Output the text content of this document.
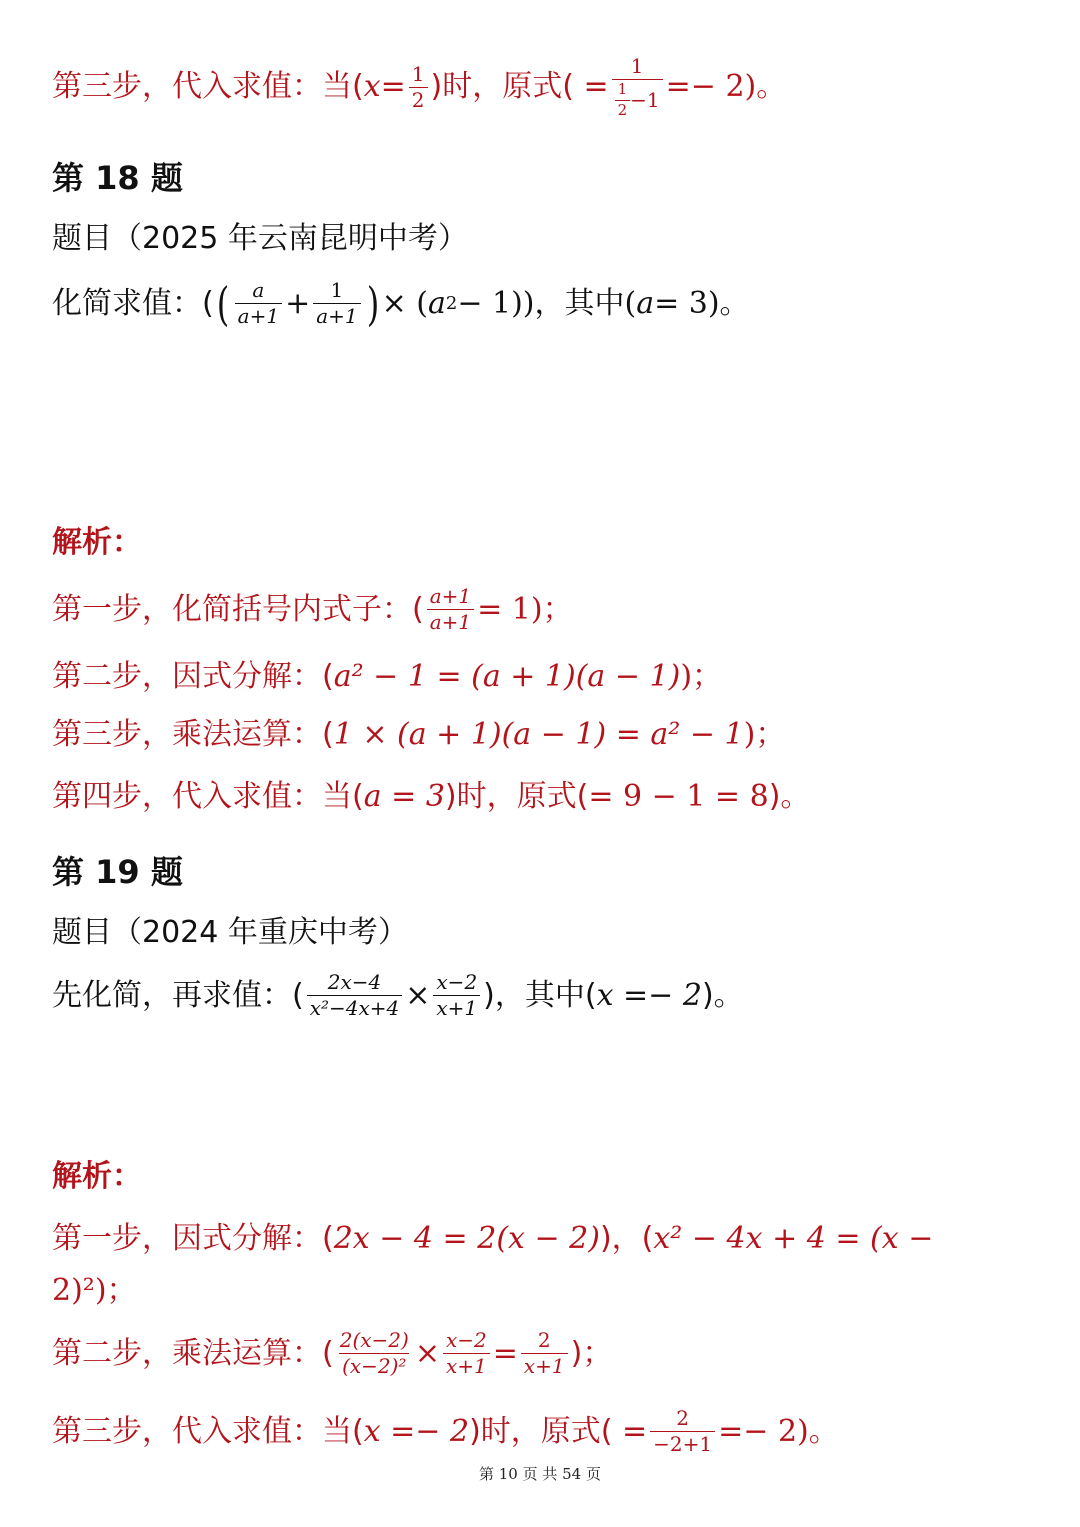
第三步，代入求值：当( $x = \frac{1}{2}$ )时，原式( = $\frac{1}{\frac{1}{2} -1} =- 2$)。
第 18 题
题目（2025 年云南昆明中考）
化简求值：( ( $\frac{a}{a+1} + \frac{1}{a+1}$ ) × ( a 2 − 1))，其中( a = 3)。
解析：
第一步，化简括号内式子：( $\frac{a+1}{a+1} = 1$)；
第二步，因式分解：( a² − 1 = (a + 1)(a − 1) )；
第三步，乘法运算：( 1 × (a + 1)(a − 1) = a² − 1 )；
第四步，代入求值：当( a = 3 )时，原式( = 9 − 1 = 8 )。
第 19 题
题目（2024 年重庆中考）
先化简，再求值：( $\frac{2x-4}{\text{x²−4x+4}} \times \frac{x-2}{x+1}$ )，其中( x =− 2 )。
解析：
第一步，因式分解：( 2x − 4 = 2(x − 2) )，( x² − 4x + 4 = (x −
2)²)；
第二步，乘法运算：( $\frac{2(x-2)}{\text{(x−2)²}} \times \frac{x-2}{x+1} = \frac{2}{x+1}$ )；
第三步，代入求值：当( x =− 2 )时，原式( = $\frac{2}{-2+1} =- 2$)。
第 10 页 共 54 页
